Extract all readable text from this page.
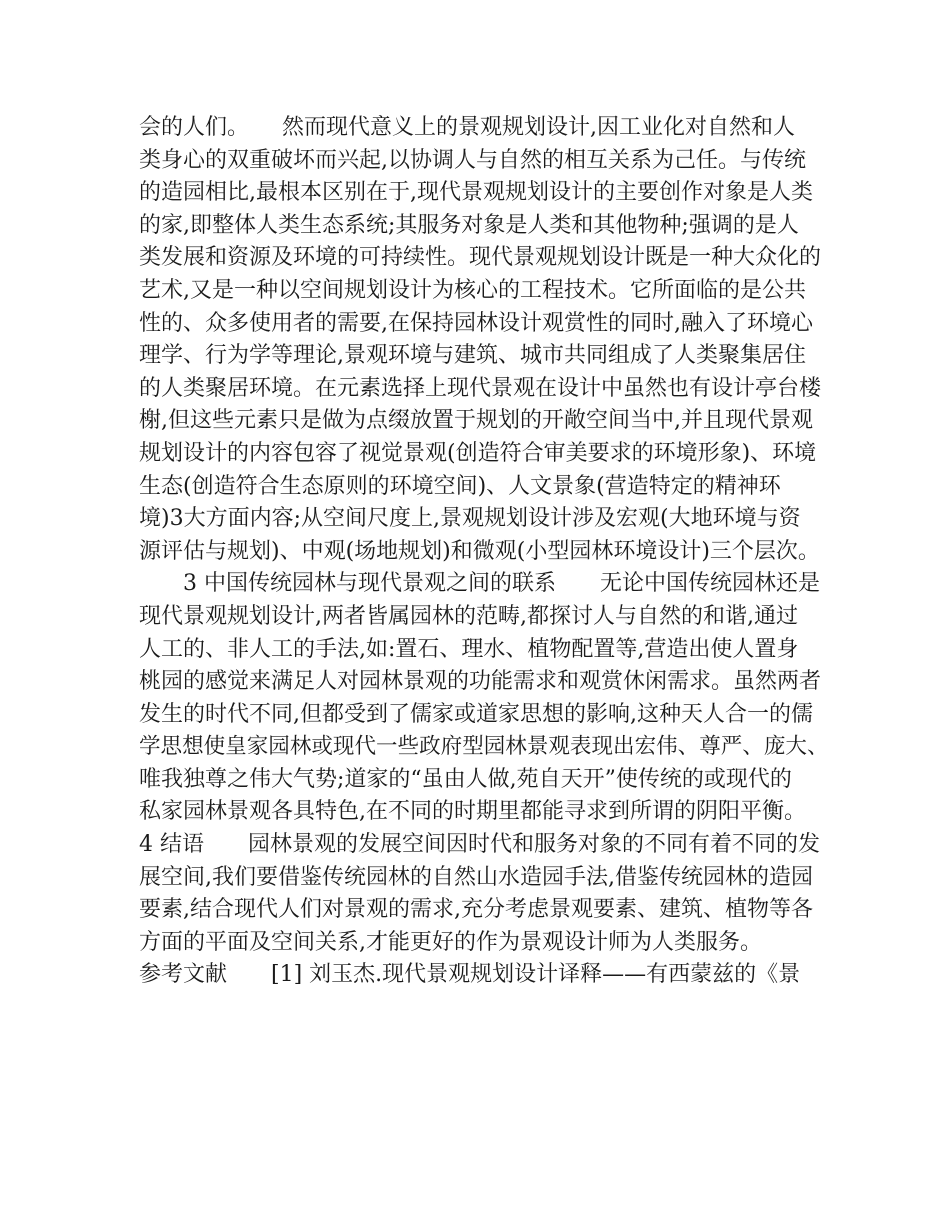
会的人们。　　然而现代意义上的景观规划设计,因工业化对自然和人
类身心的双重破坏而兴起,以协调人与自然的相互关系为己任。与传统
的造园相比,最根本区别在于,现代景观规划设计的主要创作对象是人类
的家,即整体人类生态系统;其服务对象是人类和其他物种;强调的是人
类发展和资源及环境的可持续性。现代景观规划设计既是一种大众化的
艺术,又是一种以空间规划设计为核心的工程技术。它所面临的是公共
性的、众多使用者的需要,在保持园林设计观赏性的同时,融入了环境心
理学、行为学等理论,景观环境与建筑、城市共同组成了人类聚集居住
的人类聚居环境。在元素选择上现代景观在设计中虽然也有设计亭台楼
榭,但这些元素只是做为点缀放置于规划的开敞空间当中,并且现代景观
规划设计的内容包容了视觉景观(创造符合审美要求的环境形象)、环境
生态(创造符合生态原则的环境空间)、人文景象(营造特定的精神环
境)3大方面内容;从空间尺度上,景观规划设计涉及宏观(大地环境与资
源评估与规划)、中观(场地规划)和微观(小型园林环境设计)三个层次。
　　3 中国传统园林与现代景观之间的联系　　无论中国传统园林还是
现代景观规划设计,两者皆属园林的范畴,都探讨人与自然的和谐,通过
人工的、非人工的手法,如:置石、理水、植物配置等,营造出使人置身
桃园的感觉来满足人对园林景观的功能需求和观赏休闲需求。虽然两者
发生的时代不同,但都受到了儒家或道家思想的影响,这种天人合一的儒
学思想使皇家园林或现代一些政府型园林景观表现出宏伟、尊严、庞大、
唯我独尊之伟大气势;道家的“虽由人做,苑自天开”使传统的或现代的
私家园林景观各具特色,在不同的时期里都能寻求到所谓的阴阳平衡。
4 结语　　园林景观的发展空间因时代和服务对象的不同有着不同的发
展空间,我们要借鉴传统园林的自然山水造园手法,借鉴传统园林的造园
要素,结合现代人们对景观的需求,充分考虑景观要素、建筑、植物等各
方面的平面及空间关系,才能更好的作为景观设计师为人类服务。
参考文献　　[1] 刘玉杰.现代景观规划设计译释——有西蒙兹的《景
